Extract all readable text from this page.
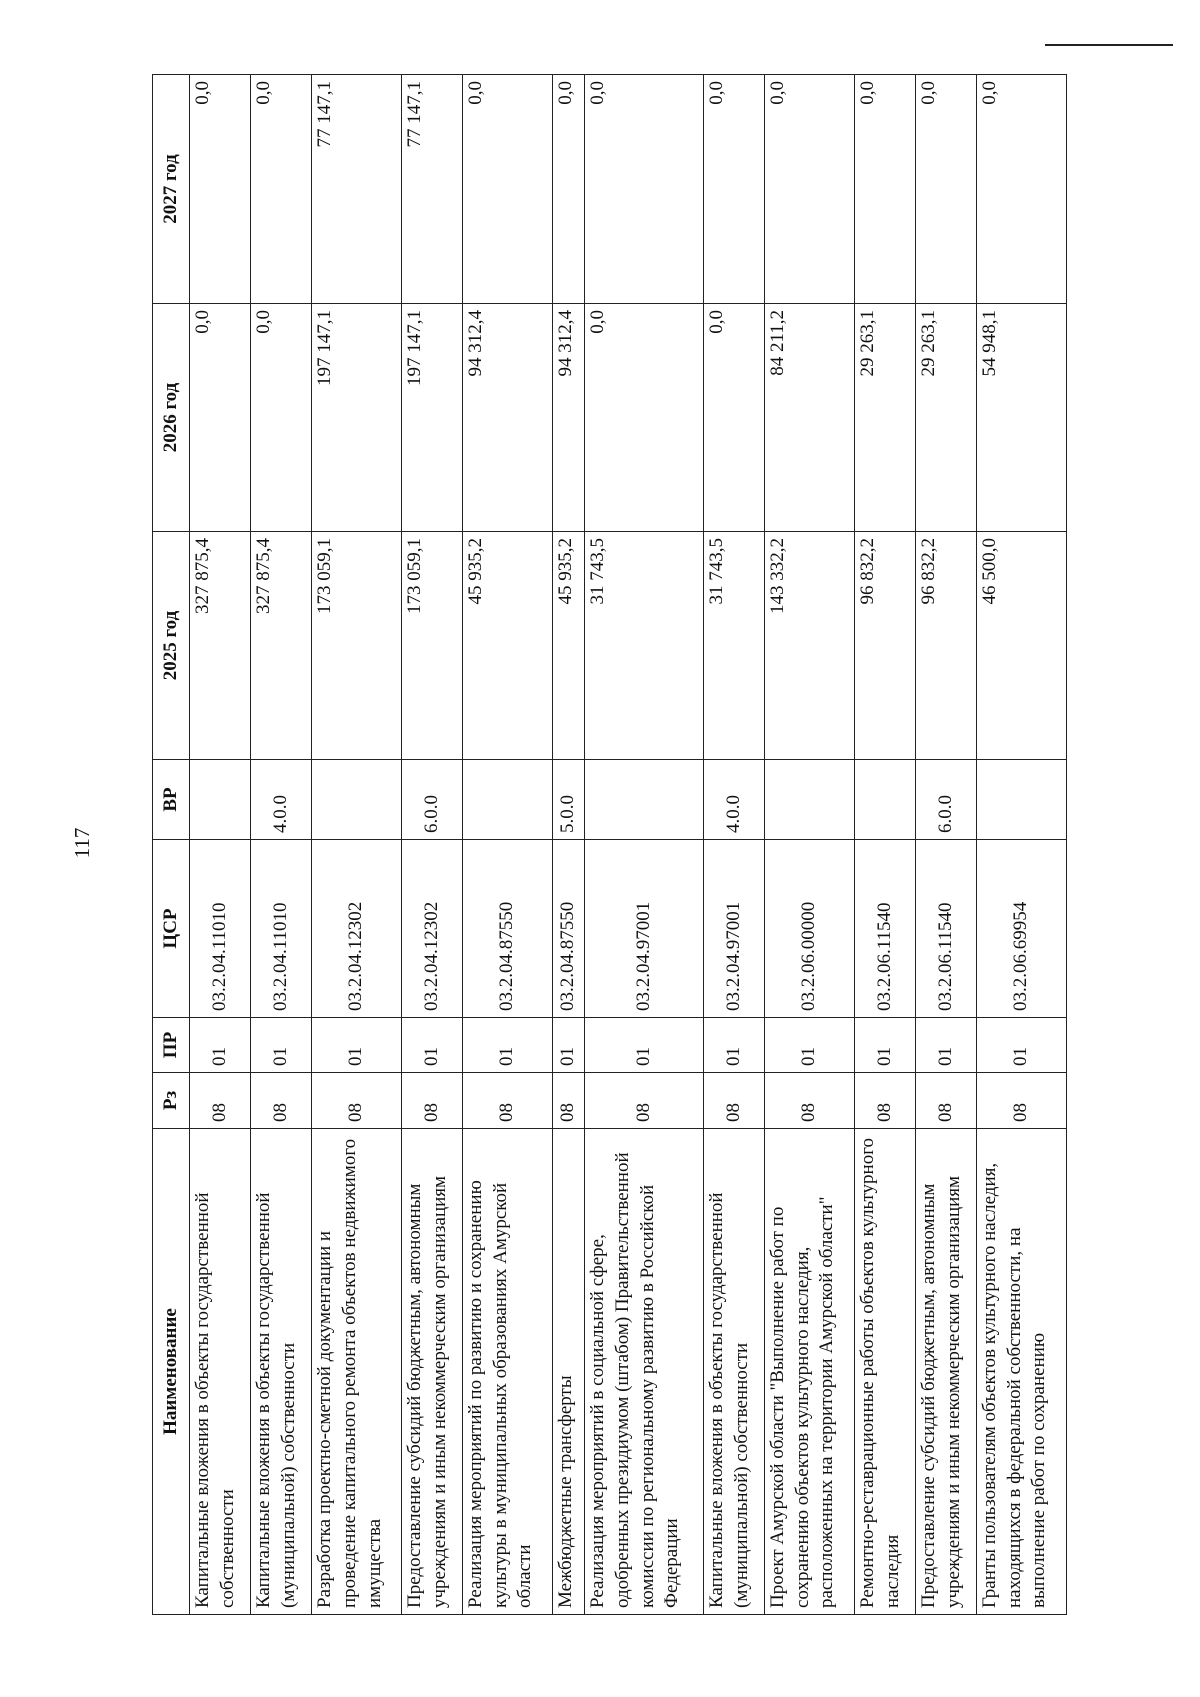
117
Наименование	Рз	ПР	ЦСР	ВР	2025 год	2026 год	2027 год
Капитальные вложения в объекты государственной собственности	08	01	03.2.04.11010		327 875,4	0,0	0,0
Капитальные вложения в объекты государственной (муниципальной) собственности	08	01	03.2.04.11010	4.0.0	327 875,4	0,0	0,0
Разработка проектно-сметной документации и проведение капитального ремонта объектов недвижимого имущества	08	01	03.2.04.12302		173 059,1	197 147,1	77 147,1
Предоставление субсидий бюджетным, автономным учреждениям и иным некоммерческим организациям	08	01	03.2.04.12302	6.0.0	173 059,1	197 147,1	77 147,1
Реализация мероприятий по развитию и сохранению культуры в муниципальных образованиях Амурской области	08	01	03.2.04.87550		45 935,2	94 312,4	0,0
Межбюджетные трансферты	08	01	03.2.04.87550	5.0.0	45 935,2	94 312,4	0,0
Реализация мероприятий в социальной сфере, одобренных президиумом (штабом) Правительственной комиссии по региональному развитию в Российской Федерации	08	01	03.2.04.97001		31 743,5	0,0	0,0
Капитальные вложения в объекты государственной (муниципальной) собственности	08	01	03.2.04.97001	4.0.0	31 743,5	0,0	0,0
Проект Амурской области "Выполнение работ по сохранению объектов культурного наследия, расположенных на территории Амурской области"	08	01	03.2.06.00000		143 332,2	84 211,2	0,0
Ремонтно-реставрационные работы объектов культурного наследия	08	01	03.2.06.11540		96 832,2	29 263,1	0,0
Предоставление субсидий бюджетным, автономным учреждениям и иным некоммерческим организациям	08	01	03.2.06.11540	6.0.0	96 832,2	29 263,1	0,0
Гранты пользователям объектов культурного наследия, находящихся в федеральной собственности, на выполнение работ по сохранению	08	01	03.2.06.69954		46 500,0	54 948,1	0,0
